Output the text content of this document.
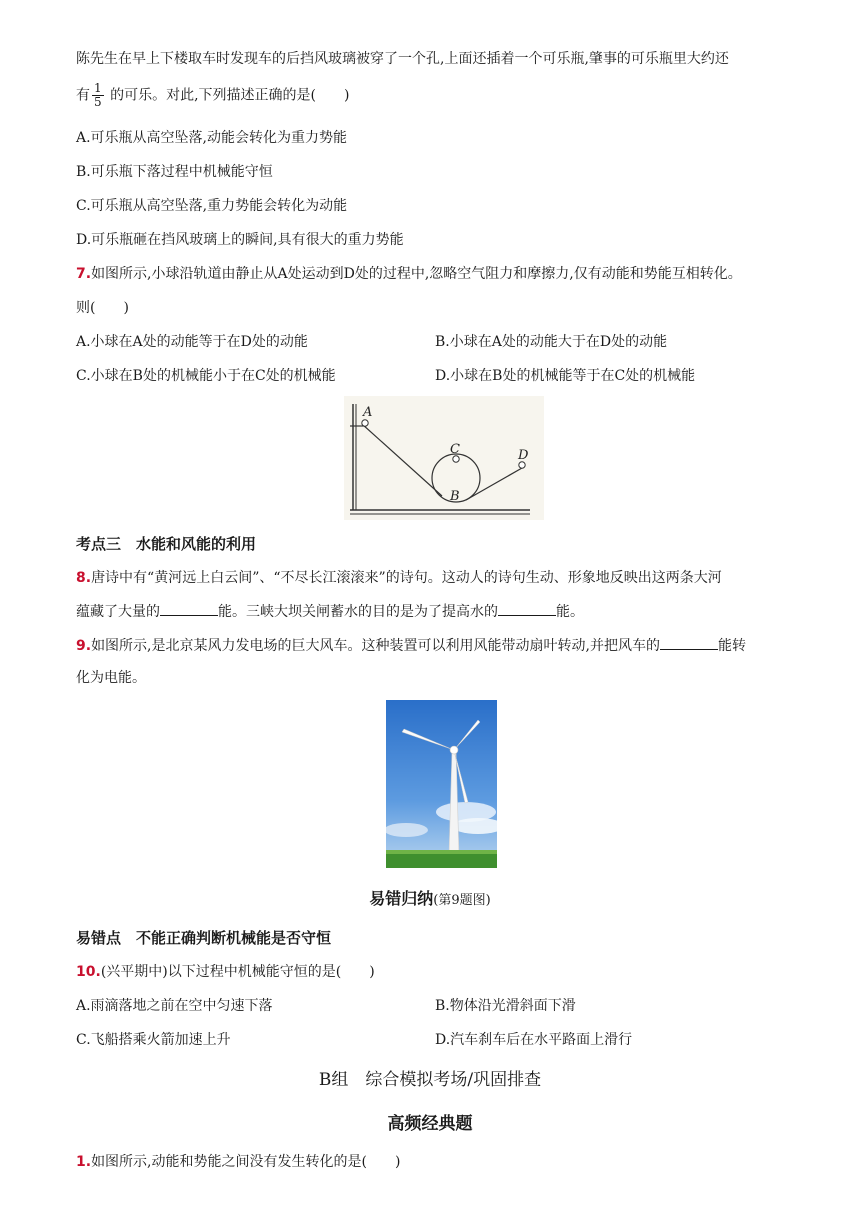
陈先生在早上下楼取车时发现车的后挡风玻璃被穿了一个孔,上面还插着一个可乐瓶,肇事的可乐瓶里大约还
有 $\frac{1}{5}$ 的可乐。对此,下列描述正确的是(　　)
A.可乐瓶从高空坠落,动能会转化为重力势能
B.可乐瓶下落过程中机械能守恒
C.可乐瓶从高空坠落,重力势能会转化为动能
D.可乐瓶砸在挡风玻璃上的瞬间,具有很大的重力势能
7.如图所示,小球沿轨道由静止从A处运动到D处的过程中,忽略空气阻力和摩擦力,仅有动能和势能互相转化。
则(　　)
A.小球在A处的动能等于在D处的动能	B.小球在A处的动能大于在D处的动能
C.小球在B处的机械能小于在C处的机械能	D.小球在B处的机械能等于在C处的机械能
A
C
B
D
考点三　水能和风能的利用
8.唐诗中有“黄河远上白云间”、“不尽长江滚滚来”的诗句。这动人的诗句生动、形象地反映出这两条大河
蕴藏了大量的	能。三峡大坝关闸蓄水的目的是为了提高水的	能。
9.如图所示,是北京某风力发电场的巨大风车。这种装置可以利用风能带动扇叶转动,并把风车的	能转
化为电能。
易错归纳(第9题图)
易错点　不能正确判断机械能是否守恒
10.(兴平期中)以下过程中机械能守恒的是(　　)
A.雨滴落地之前在空中匀速下落	B.物体沿光滑斜面下滑
C.飞船搭乘火箭加速上升	D.汽车刹车后在水平路面上滑行
B组　综合模拟考场/巩固排查
高频经典题
1.如图所示,动能和势能之间没有发生转化的是(　　)
